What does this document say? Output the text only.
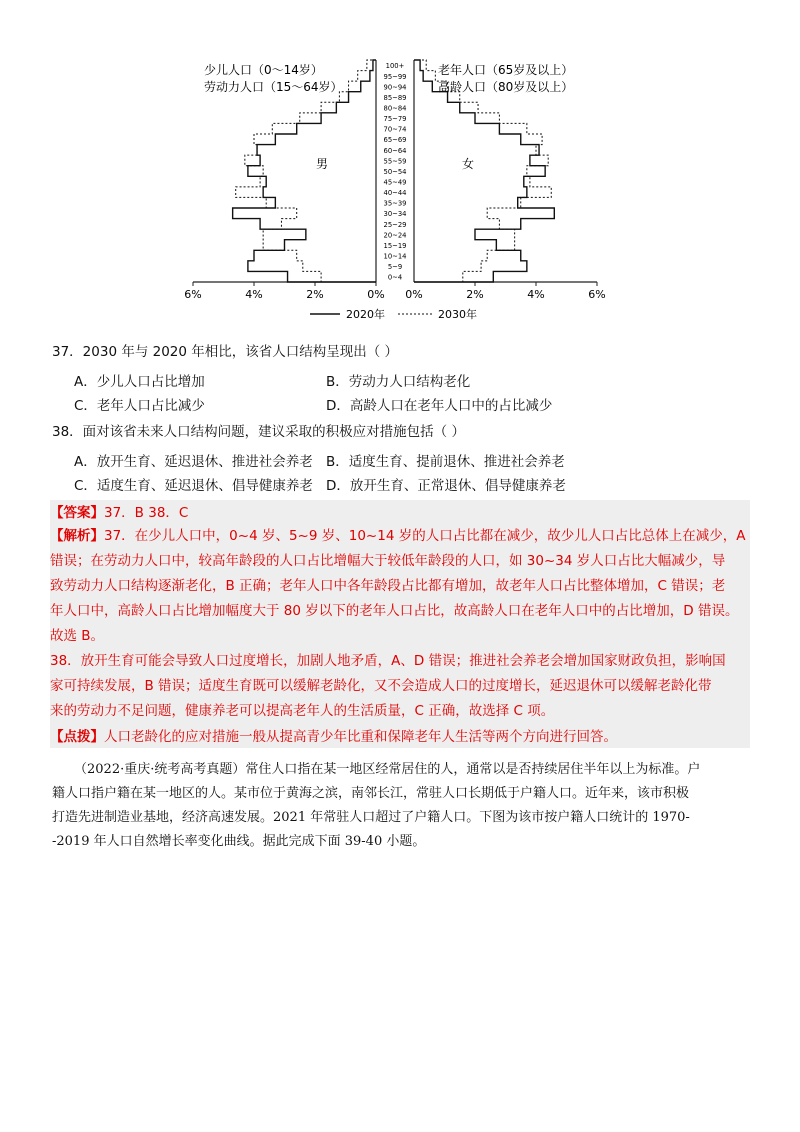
6%	4%	2%	0%	2%	4%	6%
0%
100+
95~99
90~94
85~89
80~84
75~79
70~74
65~69
60~64
55~59
50~54
45~49
40~44
35~39
30~34
25~29
20~24
15~19
10~14
5~9
0~4
男	女
少儿人口（0～14岁）
劳动力人口（15～64岁）
老年人口（65岁及以上）
高龄人口（80岁及以上）
2020年	2030年
37．2030 年与 2020 年相比，该省人口结构呈现出（ ）
A．少儿人口占比增加	B．劳动力人口结构老化
C．老年人口占比减少	D．高龄人口在老年人口中的占比减少
38．面对该省未来人口结构问题，建议采取的积极应对措施包括（ ）
A．放开生育、延迟退休、推进社会养老 B．适度生育、提前退休、推进社会养老
C．适度生育、延迟退休、倡导健康养老 D．放开生育、正常退休、倡导健康养老
【答案】37．B 38．C
【解析】37．在少儿人口中，0~4 岁、5~9 岁、10~14 岁的人口占比都在减少，故少儿人口占比总体上在减少，A
错误；在劳动力人口中，较高年龄段的人口占比增幅大于较低年龄段的人口，如 30~34 岁人口占比大幅减少，导
致劳动力人口结构逐渐老化，B 正确；老年人口中各年龄段占比都有增加，故老年人口占比整体增加，C 错误；老
年人口中，高龄人口占比增加幅度大于 80 岁以下的老年人口占比，故高龄人口在老年人口中的占比增加，D 错误。
故选 B。
38．放开生育可能会导致人口过度增长，加剧人地矛盾，A、D 错误；推进社会养老会增加国家财政负担，影响国
家可持续发展，B 错误；适度生育既可以缓解老龄化，又不会造成人口的过度增长，延迟退休可以缓解老龄化带
来的劳动力不足问题，健康养老可以提高老年人的生活质量，C 正确，故选择 C 项。
【点拨】人口老龄化的应对措施一般从提高青少年比重和保障老年人生活等两个方向进行回答。
（2022·重庆·统考高考真题）常住人口指在某一地区经常居住的人，通常以是否持续居住半年以上为标准。户
籍人口指户籍在某一地区的人。某市位于黄海之滨，南邻长江，常驻人口长期低于户籍人口。近年来，该市积极
打造先进制造业基地，经济高速发展。2021 年常驻人口超过了户籍人口。下图为该市按户籍人口统计的 1970-
-2019 年人口自然增长率变化曲线。据此完成下面 39-40 小题。
